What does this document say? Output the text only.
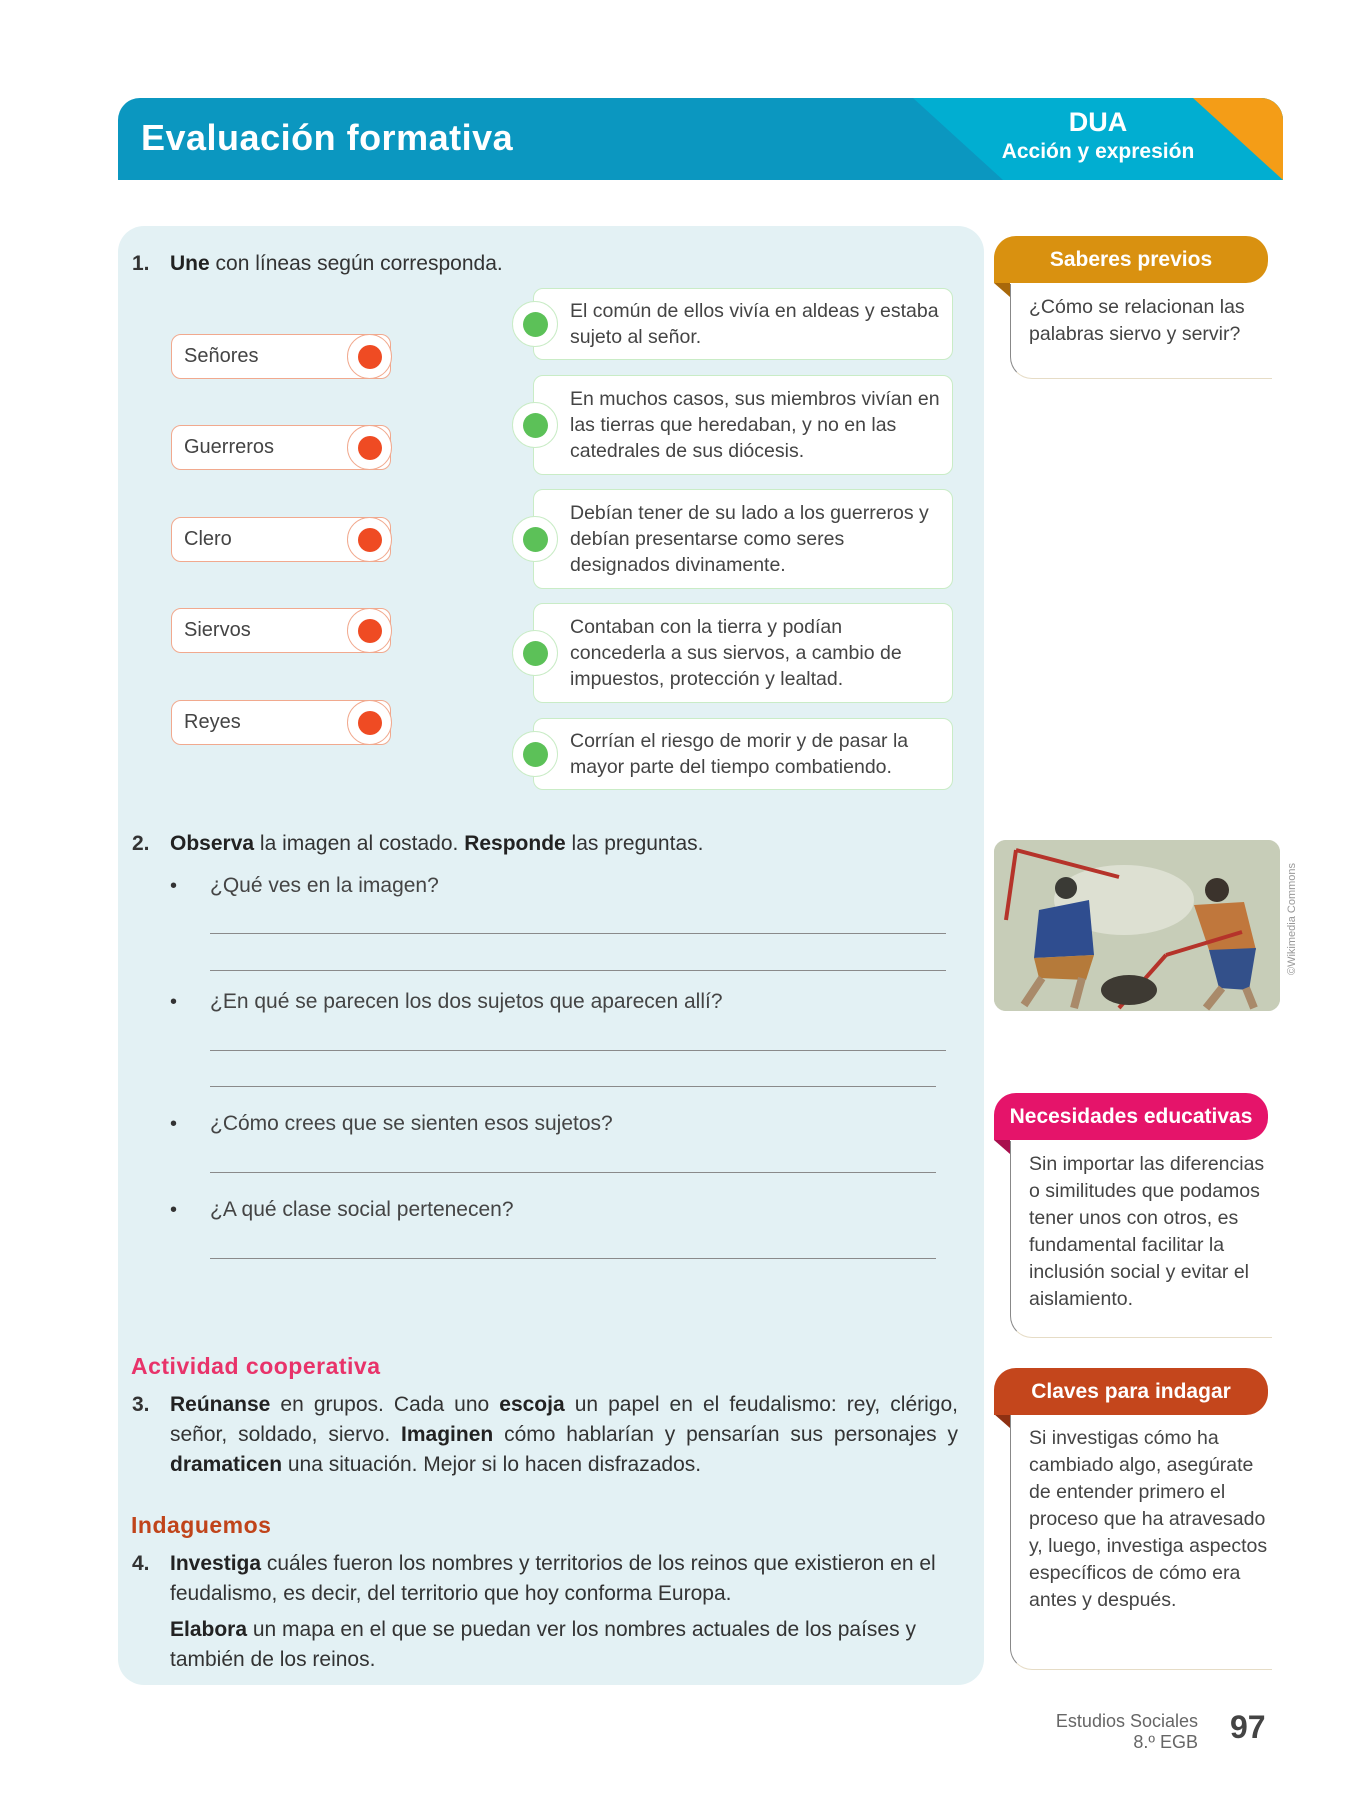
Evaluación formativa	DUA
Acción y expresión
1. Une con líneas según corresponda.
Señores
Guerreros
Clero
Siervos
Reyes
El común de ellos vivía en aldeas y estaba sujeto al señor.
En muchos casos, sus miembros vivían en las tierras que heredaban, y no en las catedrales de sus diócesis.
Debían tener de su lado a los guerreros y debían presentarse como seres designados divinamente.
Contaban con la tierra y podían concederla a sus siervos, a cambio de impuestos, protección y lealtad.
Corrían el riesgo de morir y de pasar la mayor parte del tiempo combatiendo.
2. Observa la imagen al costado. Responde las preguntas.
• ¿Qué ves en la imagen?
• ¿En qué se parecen los dos sujetos que aparecen allí?
• ¿Cómo crees que se sienten esos sujetos?
• ¿A qué clase social pertenecen?
Actividad cooperativa
3. Reúnanse en grupos. Cada uno escoja un papel en el feudalismo: rey, clérigo, señor, soldado, siervo. Imaginen cómo hablarían y pensarían sus personajes y dramaticen una situación. Mejor si lo hacen disfrazados.
Indaguemos
4. Investiga cuáles fueron los nombres y territorios de los reinos que existieron en el feudalismo, es decir, del territorio que hoy conforma Europa.
Elabora un mapa en el que se puedan ver los nombres actuales de los países y también de los reinos.
Saberes previos
¿Cómo se relacionan las palabras siervo y servir?
©Wikimedia Commons
Necesidades educativas
Sin importar las diferencias o similitudes que podamos tener unos con otros, es fundamental facilitar la inclusión social y evitar el aislamiento.
Claves para indagar
Si investigas cómo ha cambiado algo, asegúrate de entender primero el proceso que ha atravesado y, luego, investiga aspectos específicos de cómo era antes y después.
Estudios Sociales
8.º EGB 97
